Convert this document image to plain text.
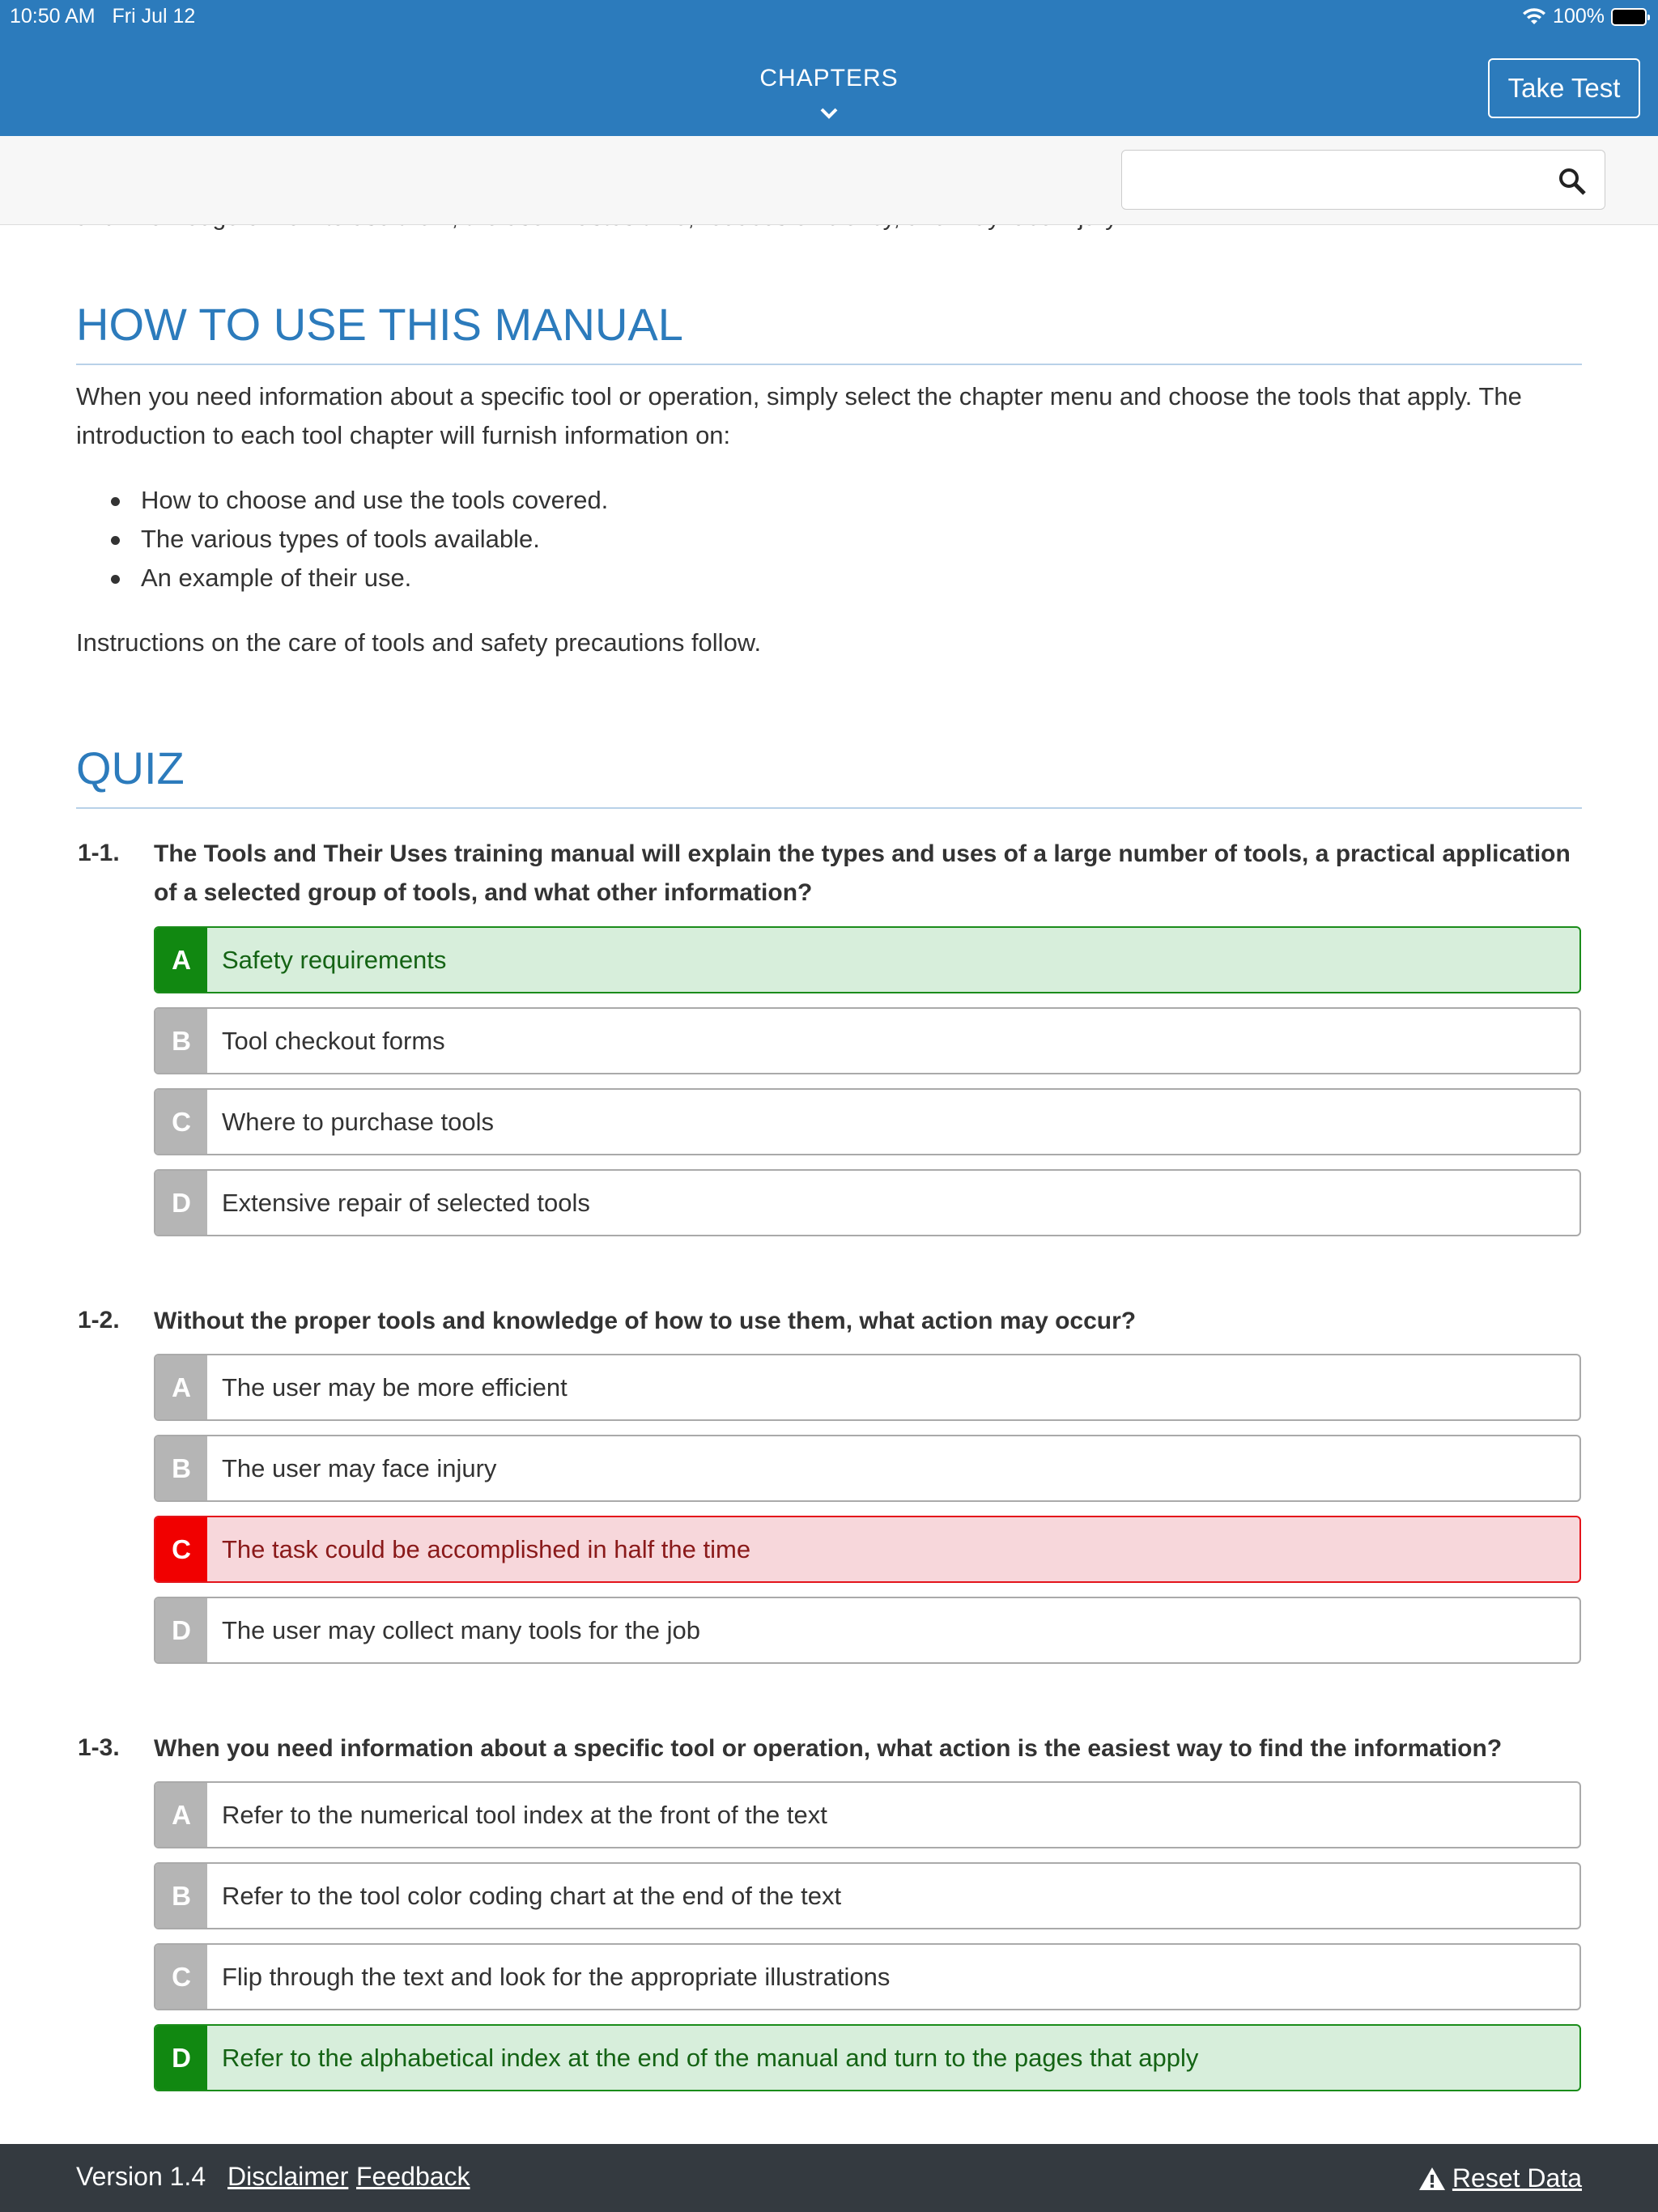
10:50 AM Fri Jul 12	100%
CHAPTERS	Take Test
HOW TO USE THIS MANUAL

When you need information about a specific tool or operation, simply select the chapter menu and choose the tools that apply. The introduction to each tool chapter will furnish information on:

How to choose and use the tools covered.
The various types of tools available.
An example of their use.

Instructions on the care of tools and safety precautions follow.

QUIZ
1-1. The Tools and Their Uses training manual will explain the types and uses of a large number of tools, a practical application of a selected group of tools, and what other information?
A	Safety requirements
B	Tool checkout forms
C	Where to purchase tools
D	Extensive repair of selected tools
1-2. Without the proper tools and knowledge of how to use them, what action may occur?
A	The user may be more efficient
B	The user may face injury
C	The task could be accomplished in half the time
D	The user may collect many tools for the job
1-3. When you need information about a specific tool or operation, what action is the easiest way to find the information?
A	Refer to the numerical tool index at the front of the text
B	Refer to the tool color coding chart at the end of the text
C	Flip through the text and look for the appropriate illustrations
D	Refer to the alphabetical index at the end of the manual and turn to the pages that apply
Version 1.4 Disclaimer Feedback	Reset Data
